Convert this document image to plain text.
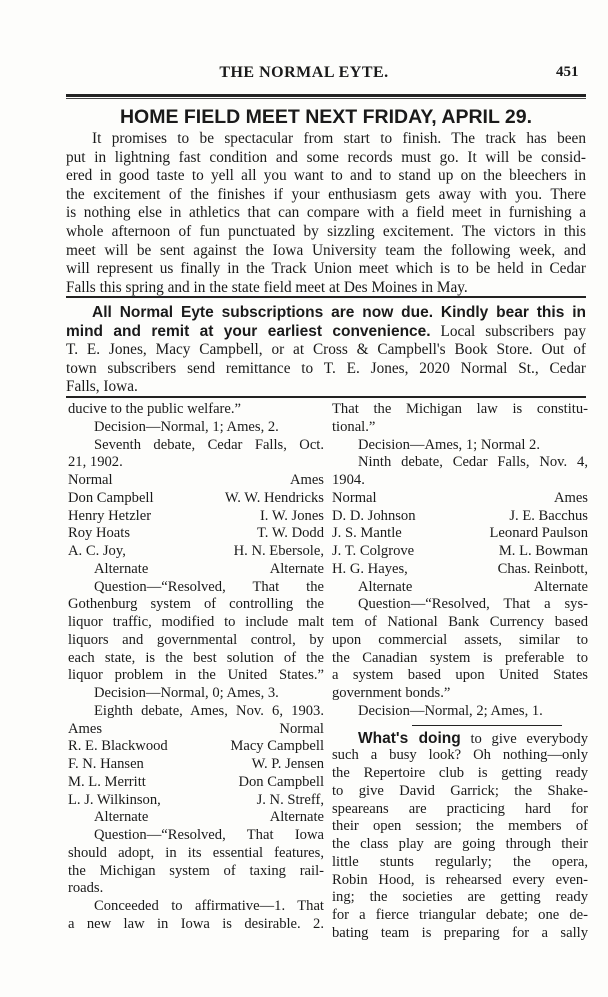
THE NORMAL EYTE.	451
HOME FIELD MEET NEXT FRIDAY, APRIL 29.
It promises to be spectacular from start to finish. The track has been
put in lightning fast condition and some records must go. It will be consid-
ered in good taste to yell all you want to and to stand up on the bleechers in
the excitement of the finishes if your enthusiasm gets away with you. There
is nothing else in athletics that can compare with a field meet in furnishing a
whole afternoon of fun punctuated by sizzling excitement. The victors in this
meet will be sent against the Iowa University team the following week, and
will represent us finally in the Track Union meet which is to be held in Cedar
Falls this spring and in the state field meet at Des Moines in May.
All Normal Eyte subscriptions are now due. Kindly bear this in
mind and remit at your earliest convenience. Local subscribers pay
T. E. Jones, Macy Campbell, or at Cross & Campbell's Book Store. Out of
town subscribers send remittance to T. E. Jones, 2020 Normal St., Cedar
Falls, Iowa.
ducive to the public welfare.”
Decision—Normal, 1; Ames, 2.
Seventh debate, Cedar Falls, Oct.
21, 1902.
Normal	Ames
Don Campbell	W. W. Hendricks
Henry Hetzler	I. W. Jones
Roy Hoats	T. W. Dodd
A. C. Joy,	H. N. Ebersole,
Alternate	Alternate
Question—“Resolved, That the
Gothenburg system of controlling the
liquor traffic, modified to include malt
liquors and governmental control, by
each state, is the best solution of the
liquor problem in the United States.”
Decision—Normal, 0; Ames, 3.
Eighth debate, Ames, Nov. 6, 1903.
Ames	Normal
R. E. Blackwood	Macy Campbell
F. N. Hansen	W. P. Jensen
M. L. Merritt	Don Campbell
L. J. Wilkinson,	J. N. Streff,
Alternate	Alternate
Question—“Resolved, That Iowa
should adopt, in its essential features,
the Michigan system of taxing rail-
roads.
Conceeded to affirmative—1. That
a new law in Iowa is desirable. 2.
That the Michigan law is constitu-
tional.”
Decision—Ames, 1; Normal 2.
Ninth debate, Cedar Falls, Nov. 4,
1904.
Normal	Ames
D. D. Johnson	J. E. Bacchus
J. S. Mantle	Leonard Paulson
J. T. Colgrove	M. L. Bowman
H. G. Hayes,	Chas. Reinbott,
Alternate	Alternate
Question—“Resolved, That a sys-
tem of National Bank Currency based
upon commercial assets, similar to
the Canadian system is preferable to
a system based upon United States
government bonds.”
Decision—Normal, 2; Ames, 1.
What's doing to give everybody
such a busy look? Oh nothing—only
the Repertoire club is getting ready
to give David Garrick; the Shake-
speareans are practicing hard for
their open session; the members of
the class play are going through their
little stunts regularly; the opera,
Robin Hood, is rehearsed every even-
ing; the societies are getting ready
for a fierce triangular debate; one de-
bating team is preparing for a sally
